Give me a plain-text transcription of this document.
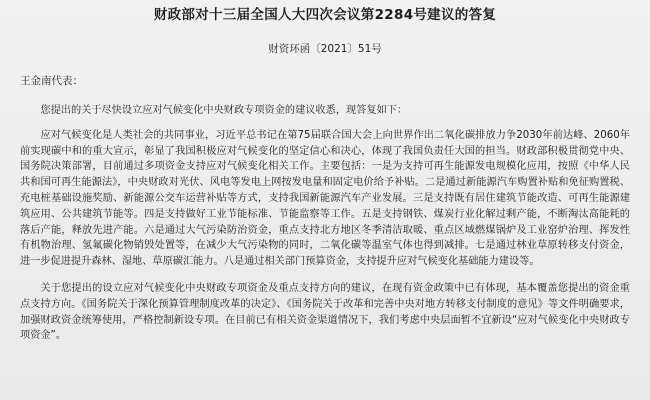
财政部对十三届全国人大四次会议第2284号建议的答复
财资环函〔2021〕51号
王金南代表：

您提出的关于尽快设立应对气候变化中央财政专项资金的建议收悉，现答复如下：

应对气候变化是人类社会的共同事业，习近平总书记在第75届联合国大会上向世界作出二氧化碳排放力争2030年前达峰、2060年前实现碳中和的重大宣示，彰显了我国积极应对气候变化的坚定信心和决心，体现了我国负责任大国的担当。财政部积极贯彻党中央、国务院决策部署，目前通过多项资金支持应对气候变化相关工作。主要包括：一是为支持可再生能源发电规模化应用，按照《中华人民共和国可再生能源法》，中央财政对光伏、风电等发电上网按发电量和固定电价给予补贴。二是通过新能源汽车购置补贴和免征购置税、充电桩基础设施奖励、新能源公交车运营补贴等方式，支持我国新能源汽车产业发展。三是支持既有居住建筑节能改造、可再生能源建筑应用、公共建筑节能等。四是支持做好工业节能标准、节能监察等工作。五是支持钢铁、煤炭行业化解过剩产能，不断淘汰高能耗的落后产能，释放先进产能。六是通过大气污染防治资金，重点支持北方地区冬季清洁取暖、重点区域燃煤锅炉及工业窑炉治理、挥发性有机物治理、氢氟碳化物销毁处置等，在减少大气污染物的同时，二氧化碳等温室气体也得到减排。七是通过林业草原转移支付资金，进一步促进提升森林、湿地、草原碳汇能力。八是通过相关部门预算资金，支持提升应对气候变化基础能力建设等。

关于您提出的设立应对气候变化中央财政专项资金及重点支持方向的建议，在现有资金政策中已有体现，基本覆盖您提出的资金重点支持方向。《国务院关于深化预算管理制度改革的决定》、《国务院关于改革和完善中央对地方转移支付制度的意见》等文件明确要求，加强财政资金统筹使用，严格控制新设专项。在目前已有相关资金渠道情况下，我们考虑中央层面暂不宜新设“应对气候变化中央财政专项资金”。
